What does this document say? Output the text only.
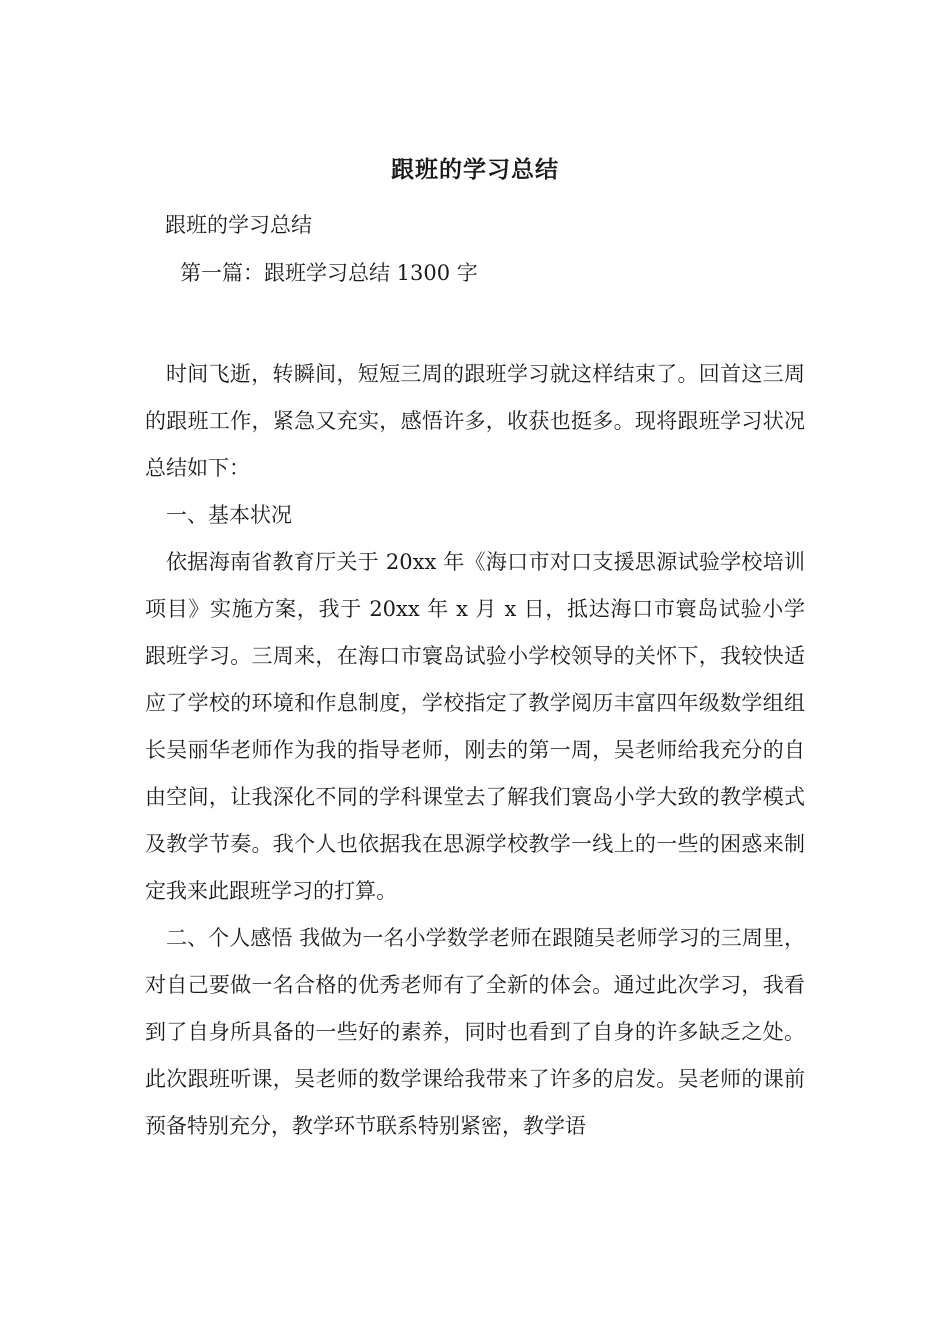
跟班的学习总结
跟班的学习总结
第一篇：跟班学习总结 1300 字

时间飞逝，转瞬间，短短三周的跟班学习就这样结束了。回首这三周的跟班工作，紧急又充实，感悟许多，收获也挺多。现将跟班学习状况总结如下：

一、基本状况

依据海南省教育厅关于 20xx 年《海口市对口支援思源试验学校培训项目》实施方案，我于 20xx 年 x 月 x 日，抵达海口市寰岛试验小学跟班学习。三周来，在海口市寰岛试验小学校领导的关怀下，我较快适应了学校的环境和作息制度，学校指定了教学阅历丰富四年级数学组组长吴丽华老师作为我的指导老师，刚去的第一周，吴老师给我充分的自由空间，让我深化不同的学科课堂去了解我们寰岛小学大致的教学模式及教学节奏。我个人也依据我在思源学校教学一线上的一些的困惑来制定我来此跟班学习的打算。

二、个人感悟 我做为一名小学数学老师在跟随吴老师学习的三周里，对自己要做一名合格的优秀老师有了全新的体会。通过此次学习，我看到了自身所具备的一些好的素养，同时也看到了自身的许多缺乏之处。此次跟班听课，吴老师的数学课给我带来了许多的启发。吴老师的课前预备特别充分，教学环节联系特别紧密，教学语
